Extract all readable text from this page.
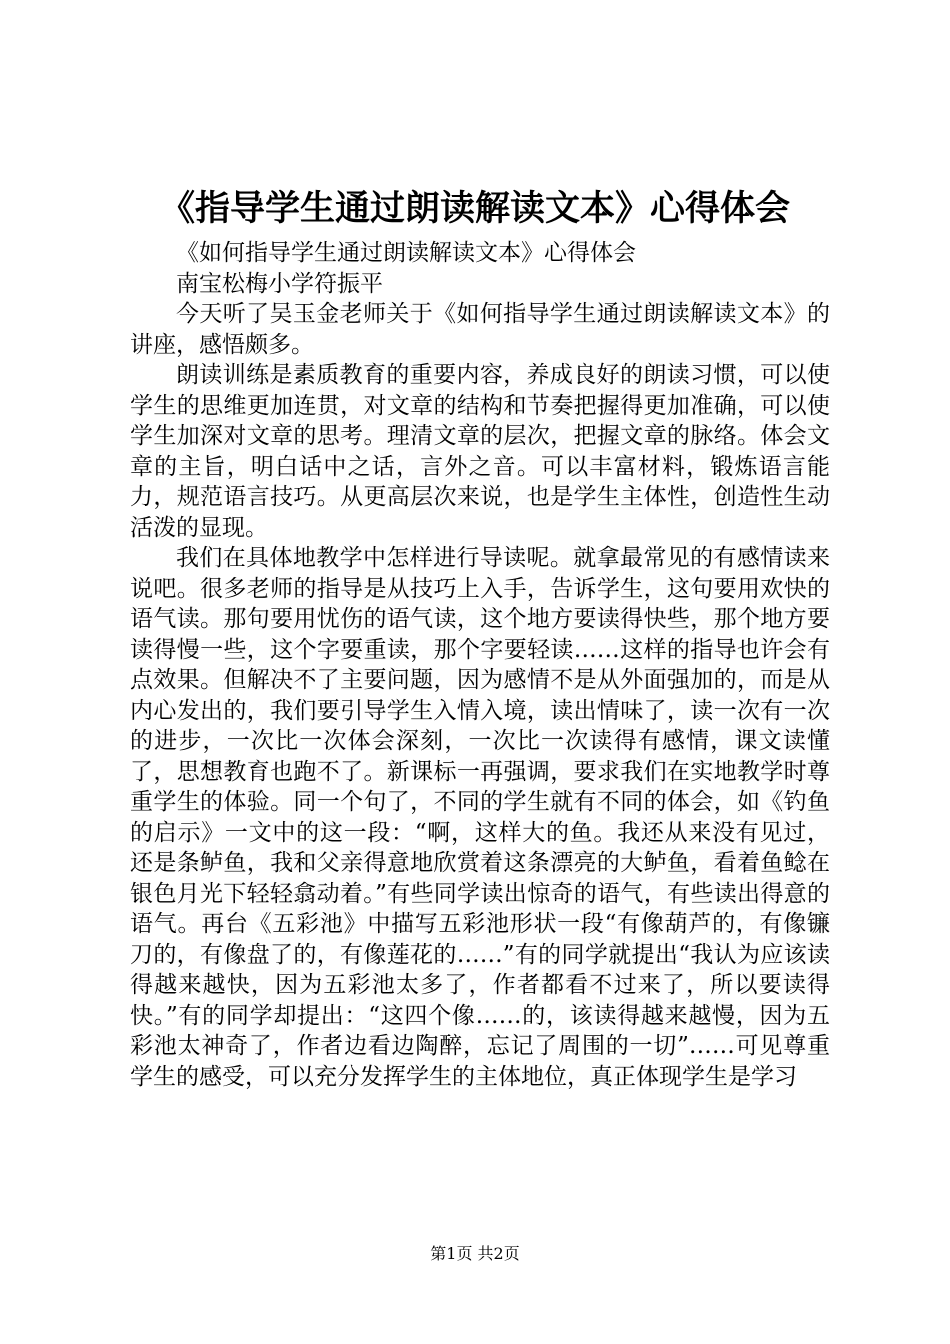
《指导学生通过朗读解读文本》心得体会

《如何指导学生通过朗读解读文本》心得体会

南宝松梅小学符振平

今天听了吴玉金老师关于《如何指导学生通过朗读解读文本》的讲座，感悟颇多。

朗读训练是素质教育的重要内容，养成良好的朗读习惯，可以使学生的思维更加连贯，对文章的结构和节奏把握得更加准确，可以使学生加深对文章的思考。理清文章的层次，把握文章的脉络。体会文章的主旨，明白话中之话，言外之音。可以丰富材料，锻炼语言能力，规范语言技巧。从更高层次来说，也是学生主体性，创造性生动活泼的显现。

我们在具体地教学中怎样进行导读呢。就拿最常见的有感情读来说吧。很多老师的指导是从技巧上入手，告诉学生，这句要用欢快的语气读。那句要用忧伤的语气读，这个地方要读得快些，那个地方要读得慢一些，这个字要重读，那个字要轻读……这样的指导也许会有点效果。但解决不了主要问题，因为感情不是从外面强加的，而是从内心发出的，我们要引导学生入情入境，读出情味了，读一次有一次的进步，一次比一次体会深刻，一次比一次读得有感情，课文读懂了，思想教育也跑不了。新课标一再强调，要求我们在实地教学时尊重学生的体验。同一个句了，不同的学生就有不同的体会，如《钓鱼的启示》一文中的这一段：“啊，这样大的鱼。我还从来没有见过，还是条鲈鱼，我和父亲得意地欣赏着这条漂亮的大鲈鱼，看着鱼鲶在银色月光下轻轻翕动着。”有些同学读出惊奇的语气，有些读出得意的语气。再台《五彩池》中描写五彩池形状一段“有像葫芦的，有像镰刀的，有像盘了的，有像莲花的……”有的同学就提出“我认为应该读得越来越快，因为五彩池太多了，作者都看不过来了，所以要读得快。”有的同学却提出：“这四个像……的，该读得越来越慢，因为五彩池太神奇了，作者边看边陶醉，忘记了周围的一切”……可见尊重学生的感受，可以充分发挥学生的主体地位，真正体现学生是学习

第1页 共2页
